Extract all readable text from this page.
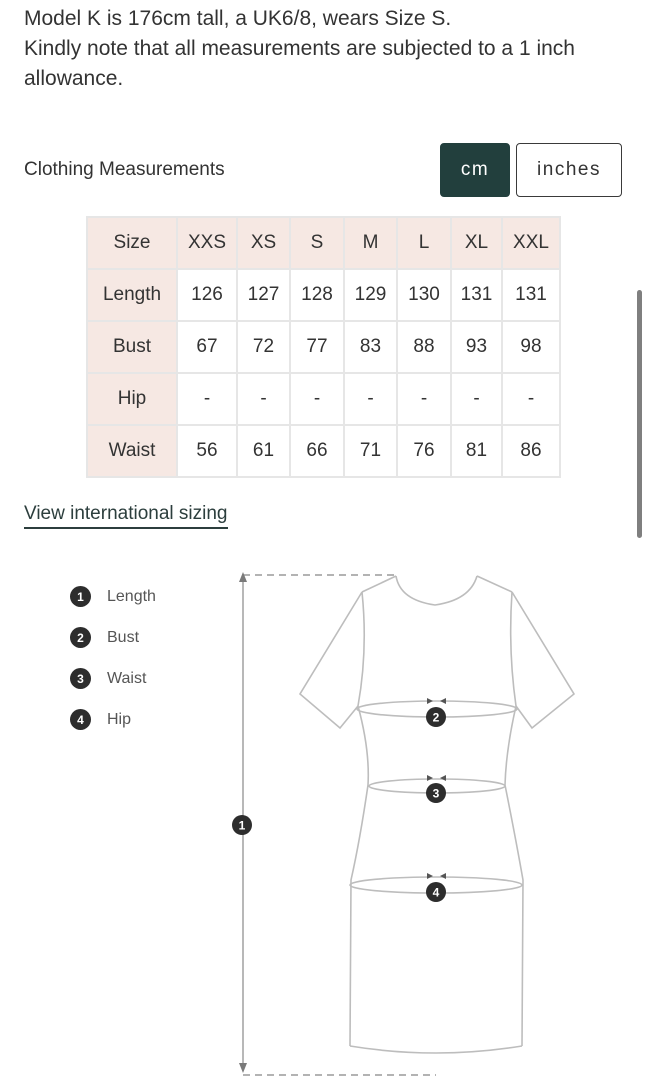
Model K is 176cm tall, a UK6/8, wears Size S.

Kindly note that all measurements are subjected to a 1 inch allowance.

Clothing Measurements	cm	inches
Size	XXS	XS	S	M	L	XL	XXL
Length	126	127	128	129	130	131	131
Bust	67	72	77	83	88	93	98
Hip	-	-	-	-	-	-	-
Waist	56	61	66	71	76	81	86
View international sizing
1	Length
2	Bust
3	Waist
4	Hip
1
2
3
4
